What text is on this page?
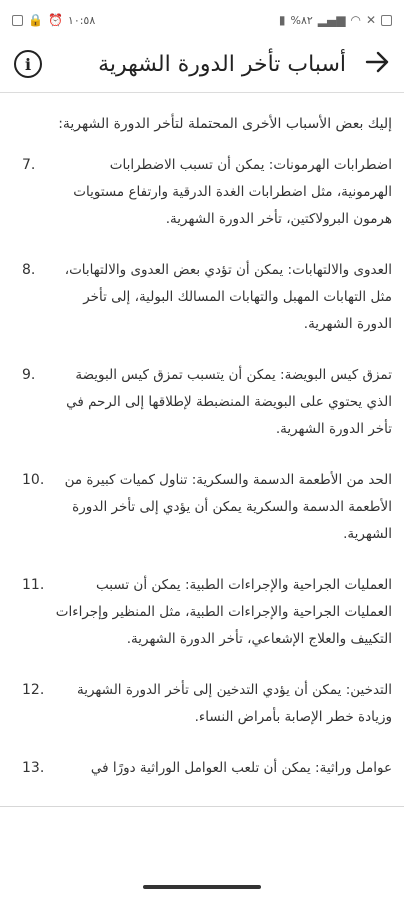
🔒 ⏰ ١٠:٥٨	▮ %٨٢ ▂▄▆ ◠ ✕
i	أسباب تأخر الدورة الشهرية

إليك بعض الأسباب الأخرى المحتملة لتأخر الدورة الشهرية:

7.	اضطرابات الهرمونات: يمكن أن تسبب الاضطرابات الهرمونية، مثل اضطرابات الغدة الدرقية وارتفاع مستويات هرمون البرولاكتين، تأخر الدورة الشهرية.

8.	العدوى والالتهابات: يمكن أن تؤدي بعض العدوى والالتهابات، مثل التهابات المهبل والتهابات المسالك البولية، إلى تأخر الدورة الشهرية.

9.	تمزق كيس البويضة: يمكن أن يتسبب تمزق كيس البويضة الذي يحتوي على البويضة المنضبطة لإطلاقها إلى الرحم في تأخر الدورة الشهرية.

10.	الحد من الأطعمة الدسمة والسكرية: تناول كميات كبيرة من الأطعمة الدسمة والسكرية يمكن أن يؤدي إلى تأخر الدورة الشهرية.

11.	العمليات الجراحية والإجراءات الطبية: يمكن أن تسبب العمليات الجراحية والإجراءات الطبية، مثل المنظير وإجراءات التكييف والعلاج الإشعاعي، تأخر الدورة الشهرية.

12.	التدخين: يمكن أن يؤدي التدخين إلى تأخر الدورة الشهرية وزيادة خطر الإصابة بأمراض النساء.

13.	عوامل وراثية: يمكن أن تلعب العوامل الوراثية دورًا في
